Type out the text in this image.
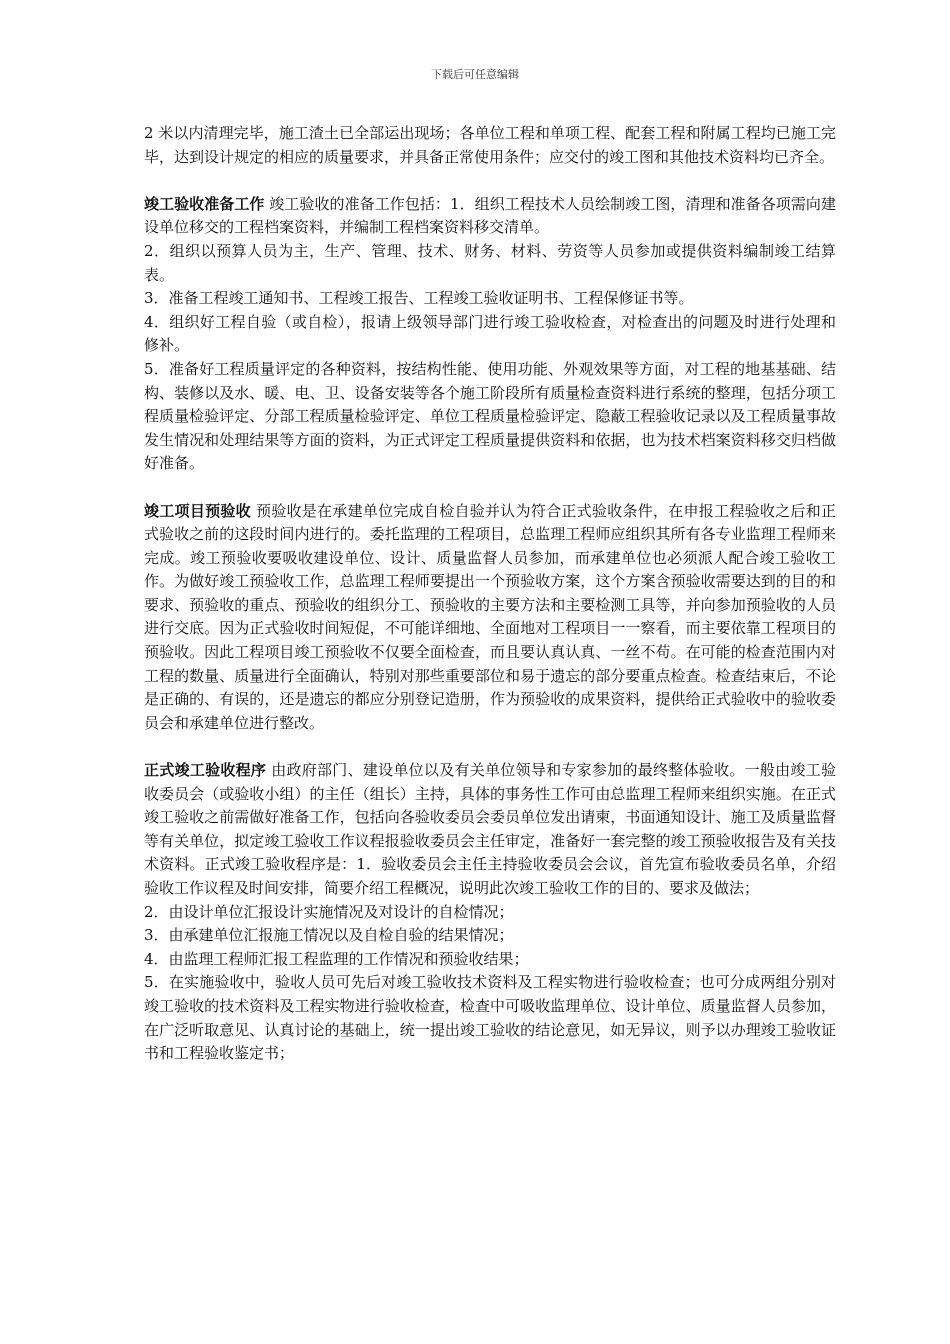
下载后可任意编辑

2 米以内清理完毕，施工渣土已全部运出现场；各单位工程和单项工程、配套工程和附属工程均已施工完毕，达到设计规定的相应的质量要求，并具备正常使用条件；应交付的竣工图和其他技术资料均已齐全。

竣工验收准备工作 竣工验收的准备工作包括：1．组织工程技术人员绘制竣工图，清理和准备各项需向建设单位移交的工程档案资料，并编制工程档案资料移交清单。
2．组织以预算人员为主，生产、管理、技术、财务、材料、劳资等人员参加或提供资料编制竣工结算表。
3．准备工程竣工通知书、工程竣工报告、工程竣工验收证明书、工程保修证书等。
4．组织好工程自验（或自检），报请上级领导部门进行竣工验收检查，对检查出的问题及时进行处理和修补。
5．准备好工程质量评定的各种资料，按结构性能、使用功能、外观效果等方面，对工程的地基基础、结构、装修以及水、暖、电、卫、设备安装等各个施工阶段所有质量检查资料进行系统的整理，包括分项工程质量检验评定、分部工程质量检验评定、单位工程质量检验评定、隐蔽工程验收记录以及工程质量事故发生情况和处理结果等方面的资料，为正式评定工程质量提供资料和依据，也为技术档案资料移交归档做好准备。

竣工项目预验收 预验收是在承建单位完成自检自验并认为符合正式验收条件，在申报工程验收之后和正式验收之前的这段时间内进行的。委托监理的工程项目，总监理工程师应组织其所有各专业监理工程师来完成。竣工预验收要吸收建设单位、设计、质量监督人员参加，而承建单位也必须派人配合竣工验收工作。为做好竣工预验收工作，总监理工程师要提出一个预验收方案，这个方案含预验收需要达到的目的和要求、预验收的重点、预验收的组织分工、预验收的主要方法和主要检测工具等，并向参加预验收的人员进行交底。因为正式验收时间短促，不可能详细地、全面地对工程项目一一察看，而主要依靠工程项目的预验收。因此工程项目竣工预验收不仅要全面检查，而且要认真认真、一丝不苟。在可能的检查范围内对工程的数量、质量进行全面确认，特别对那些重要部位和易于遗忘的部分要重点检查。检查结束后，不论是正确的、有误的，还是遗忘的都应分别登记造册，作为预验收的成果资料，提供给正式验收中的验收委员会和承建单位进行整改。

正式竣工验收程序 由政府部门、建设单位以及有关单位领导和专家参加的最终整体验收。一般由竣工验收委员会（或验收小组）的主任（组长）主持，具体的事务性工作可由总监理工程师来组织实施。在正式竣工验收之前需做好准备工作，包括向各验收委员会委员单位发出请柬，书面通知设计、施工及质量监督等有关单位，拟定竣工验收工作议程报验收委员会主任审定，准备好一套完整的竣工预验收报告及有关技术资料。正式竣工验收程序是：1．验收委员会主任主持验收委员会会议，首先宣布验收委员名单，介绍验收工作议程及时间安排，简要介绍工程概况，说明此次竣工验收工作的目的、要求及做法；
2．由设计单位汇报设计实施情况及对设计的自检情况；
3．由承建单位汇报施工情况以及自检自验的结果情况；
4．由监理工程师汇报工程监理的工作情况和预验收结果；
5．在实施验收中，验收人员可先后对竣工验收技术资料及工程实物进行验收检查；也可分成两组分别对竣工验收的技术资料及工程实物进行验收检查，检查中可吸收监理单位、设计单位、质量监督人员参加，在广泛听取意见、认真讨论的基础上，统一提出竣工验收的结论意见，如无异议，则予以办理竣工验收证书和工程验收鉴定书；
